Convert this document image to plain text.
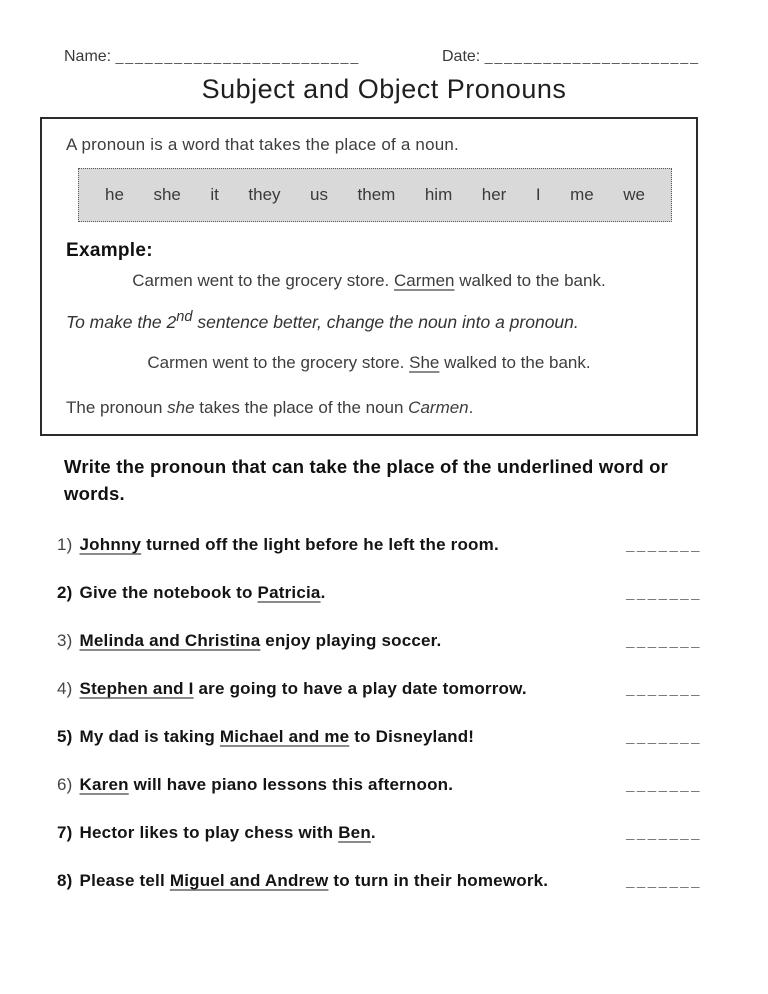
Name: _________________________	Date: ______________________
Subject and Object Pronouns
A pronoun is a word that takes the place of a noun.
he she it they us them him her I me we
Example:
Carmen went to the grocery store. Carmen walked to the bank.
To make the 2nd sentence better, change the noun into a pronoun.
Carmen went to the grocery store. She walked to the bank.
The pronoun she takes the place of the noun Carmen.
Write the pronoun that can take the place of the underlined word or words.
1) Johnny turned off the light before he left the room.	_______
2) Give the notebook to Patricia.	_______
3) Melinda and Christina enjoy playing soccer.	_______
4) Stephen and I are going to have a play date tomorrow.	_______
5) My dad is taking Michael and me to Disneyland!	_______
6) Karen will have piano lessons this afternoon.	_______
7) Hector likes to play chess with Ben.	_______
8) Please tell Miguel and Andrew to turn in their homework.	_______
